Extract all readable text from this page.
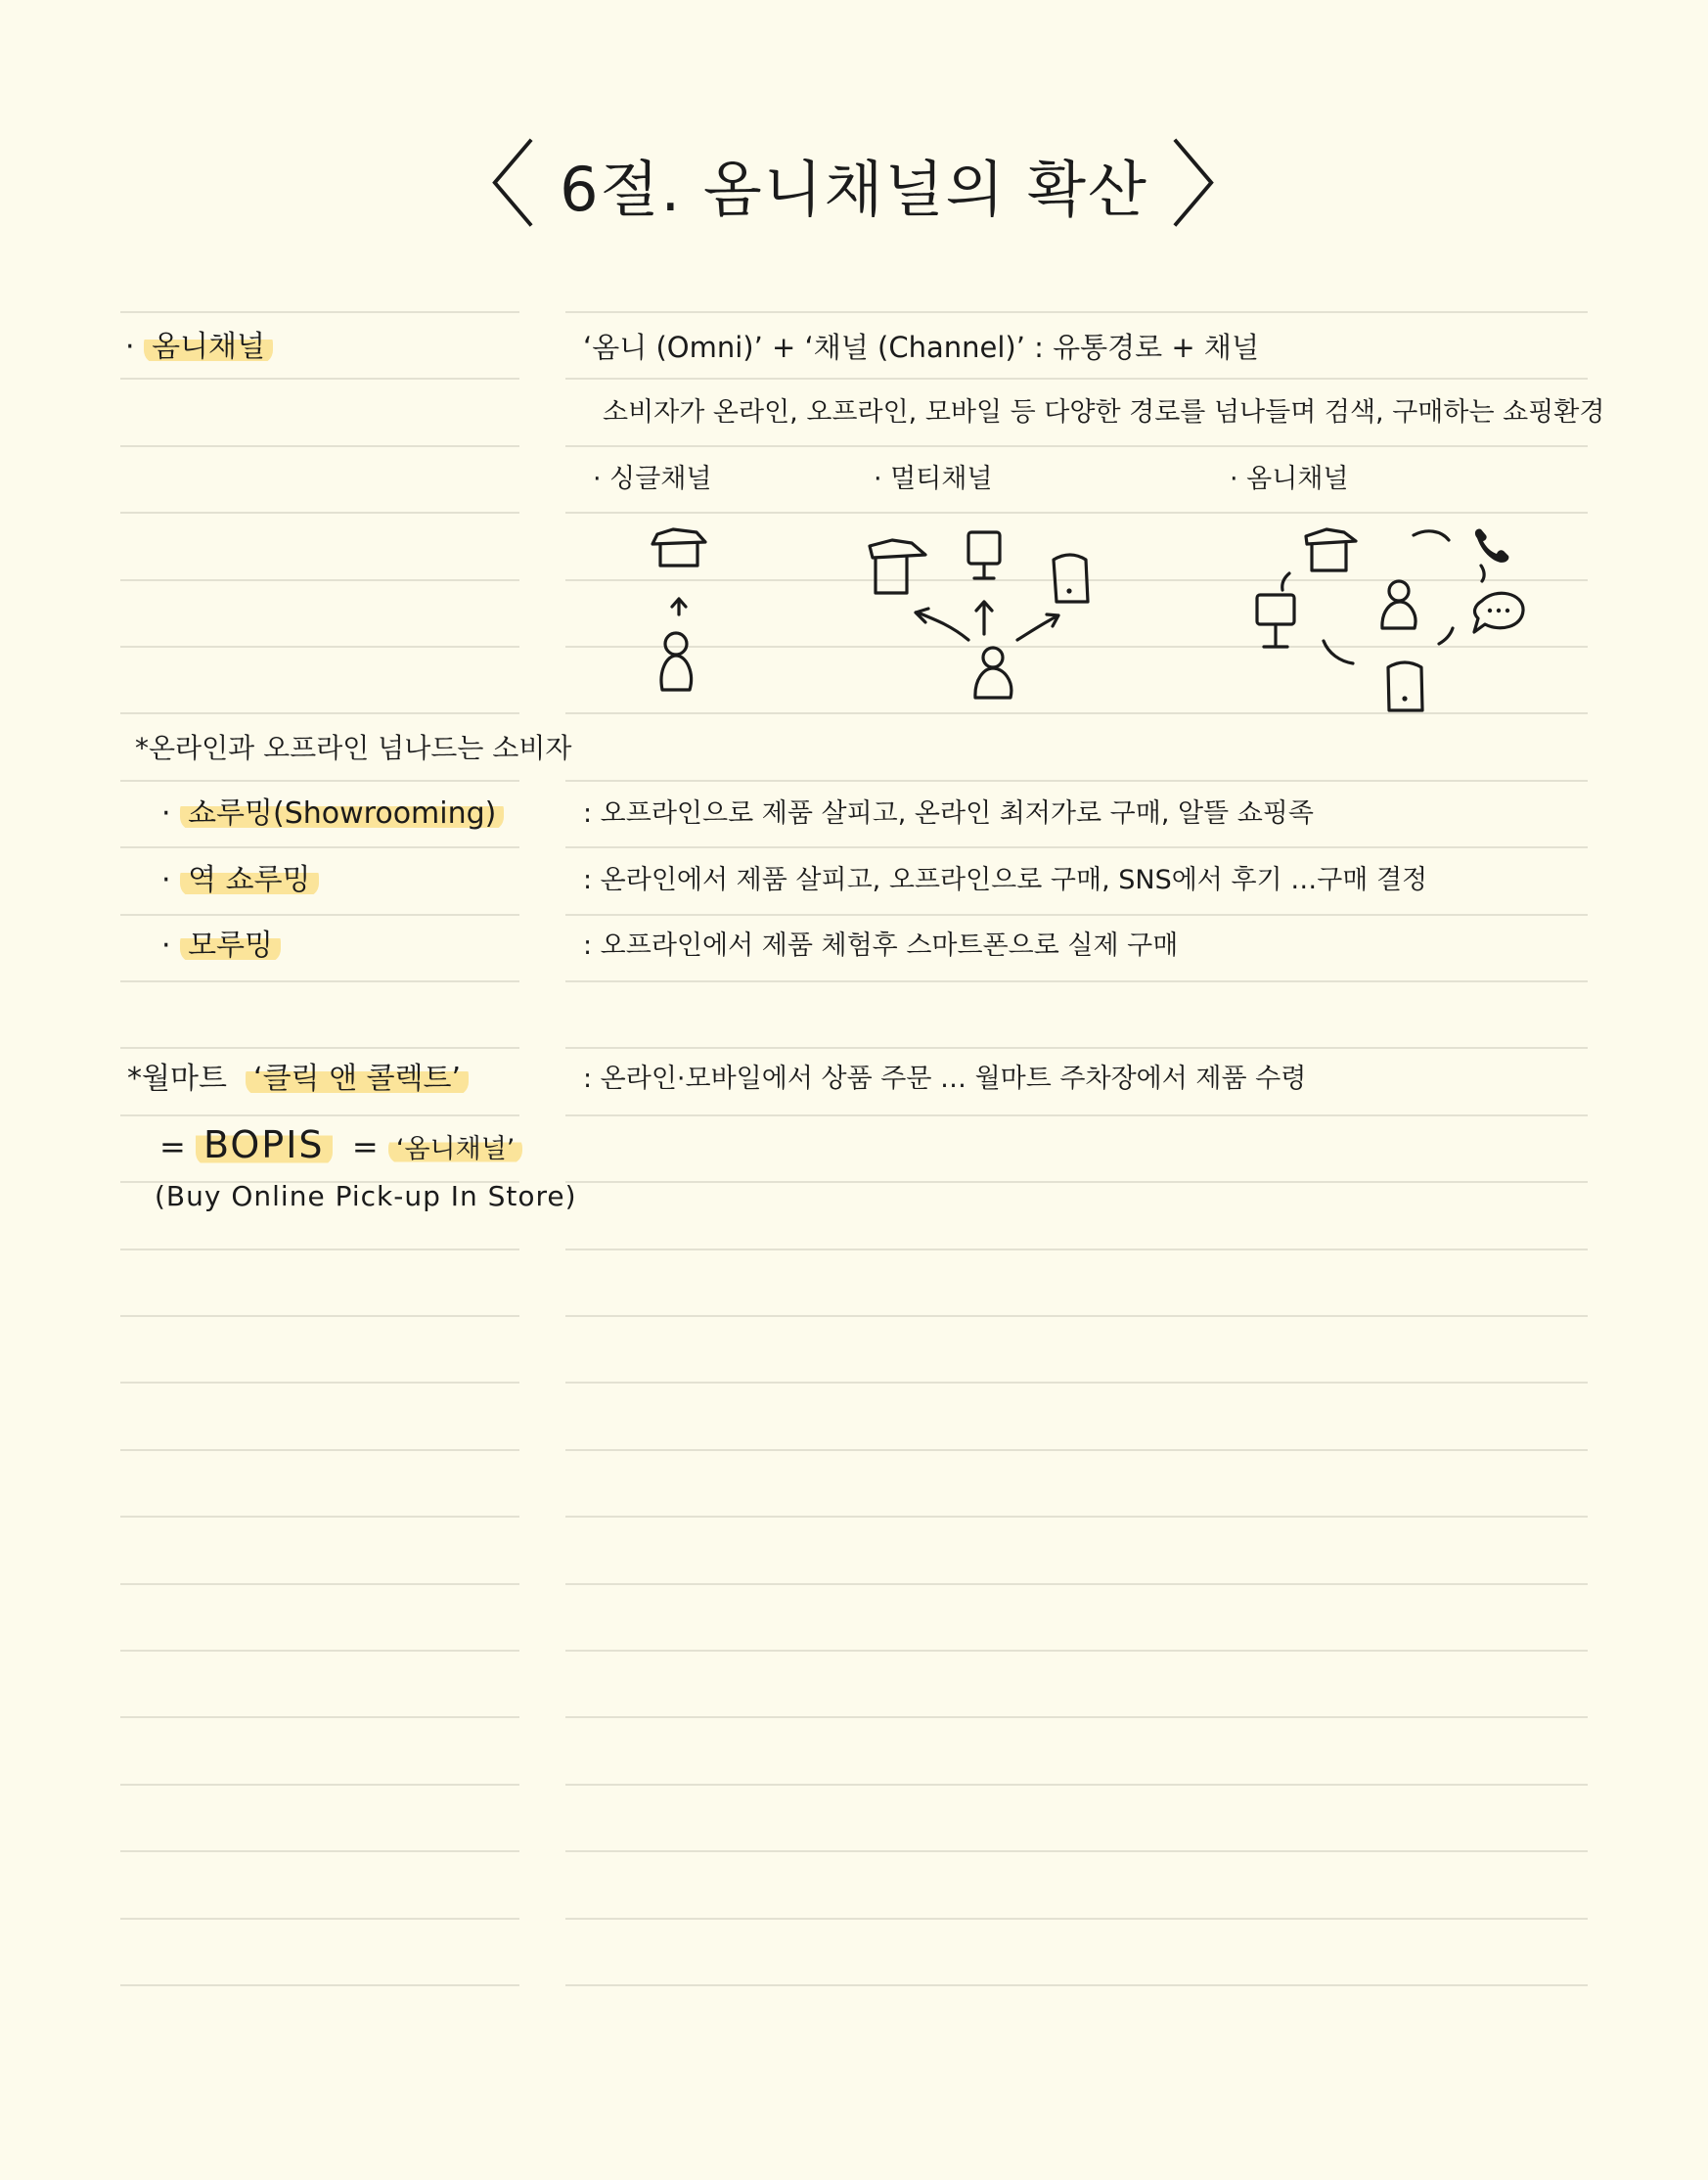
〈 6절. 옴니채널의 확산 〉
· 옴니채널	‘옴니 (Omni)’ + ‘채널 (Channel)’ : 유통경로 + 채널
소비자가 온라인, 오프라인, 모바일 등 다양한 경로를 넘나들며 검색, 구매하는 쇼핑환경
· 싱글채널	· 멀티채널	· 옴니채널
*온라인과 오프라인 넘나드는 소비자
· 쇼루밍(Showrooming)	: 오프라인으로 제품 살피고, 온라인 최저가로 구매, 알뜰 쇼핑족
· 역 쇼루밍	: 온라인에서 제품 살피고, 오프라인으로 구매, SNS에서 후기 …구매 결정
· 모루밍	: 오프라인에서 제품 체험후 스마트폰으로 실제 구매
*월마트 ‘클릭 앤 콜렉트’	: 온라인·모바일에서 상품 주문 … 월마트 주차장에서 제품 수령
= BOPIS = ‘옴니채널’
(Buy Online Pick-up In Store)
